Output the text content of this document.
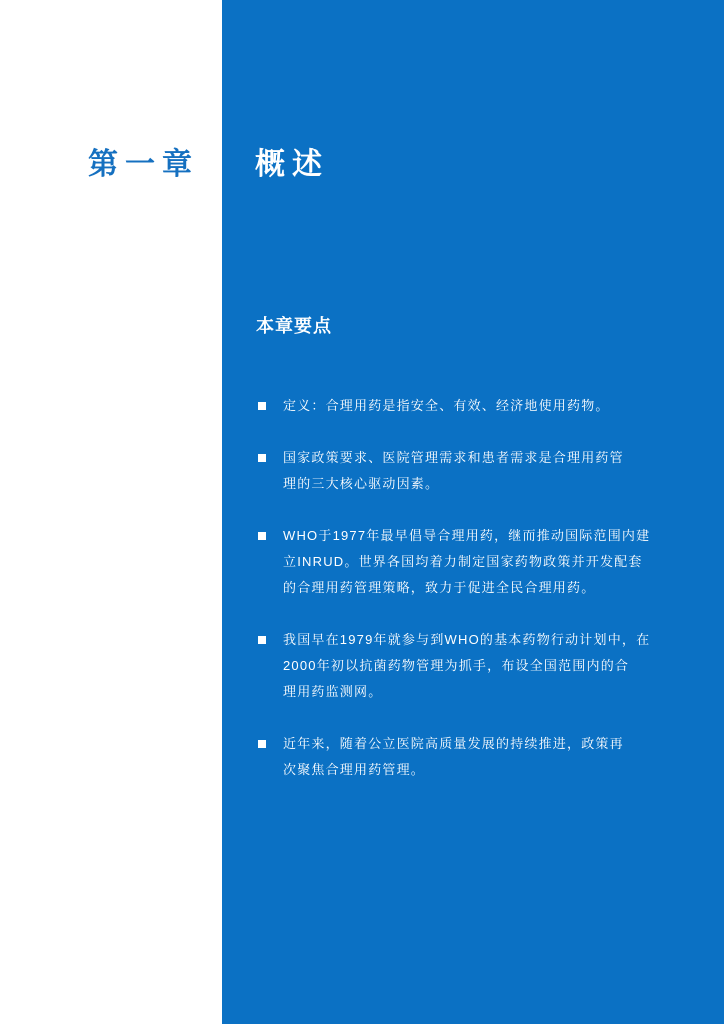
第一章 概述
本章要点
定义：合理用药是指安全、有效、经济地使用药物。
国家政策要求、医院管理需求和患者需求是合理用药管
理的三大核心驱动因素。
WHO于1977年最早倡导合理用药，继而推动国际范围内建
立INRUD。世界各国均着力制定国家药物政策并开发配套
的合理用药管理策略，致力于促进全民合理用药。
我国早在1979年就参与到WHO的基本药物行动计划中，在
2000年初以抗菌药物管理为抓手，布设全国范围内的合
理用药监测网。
近年来，随着公立医院高质量发展的持续推进，政策再
次聚焦合理用药管理。
